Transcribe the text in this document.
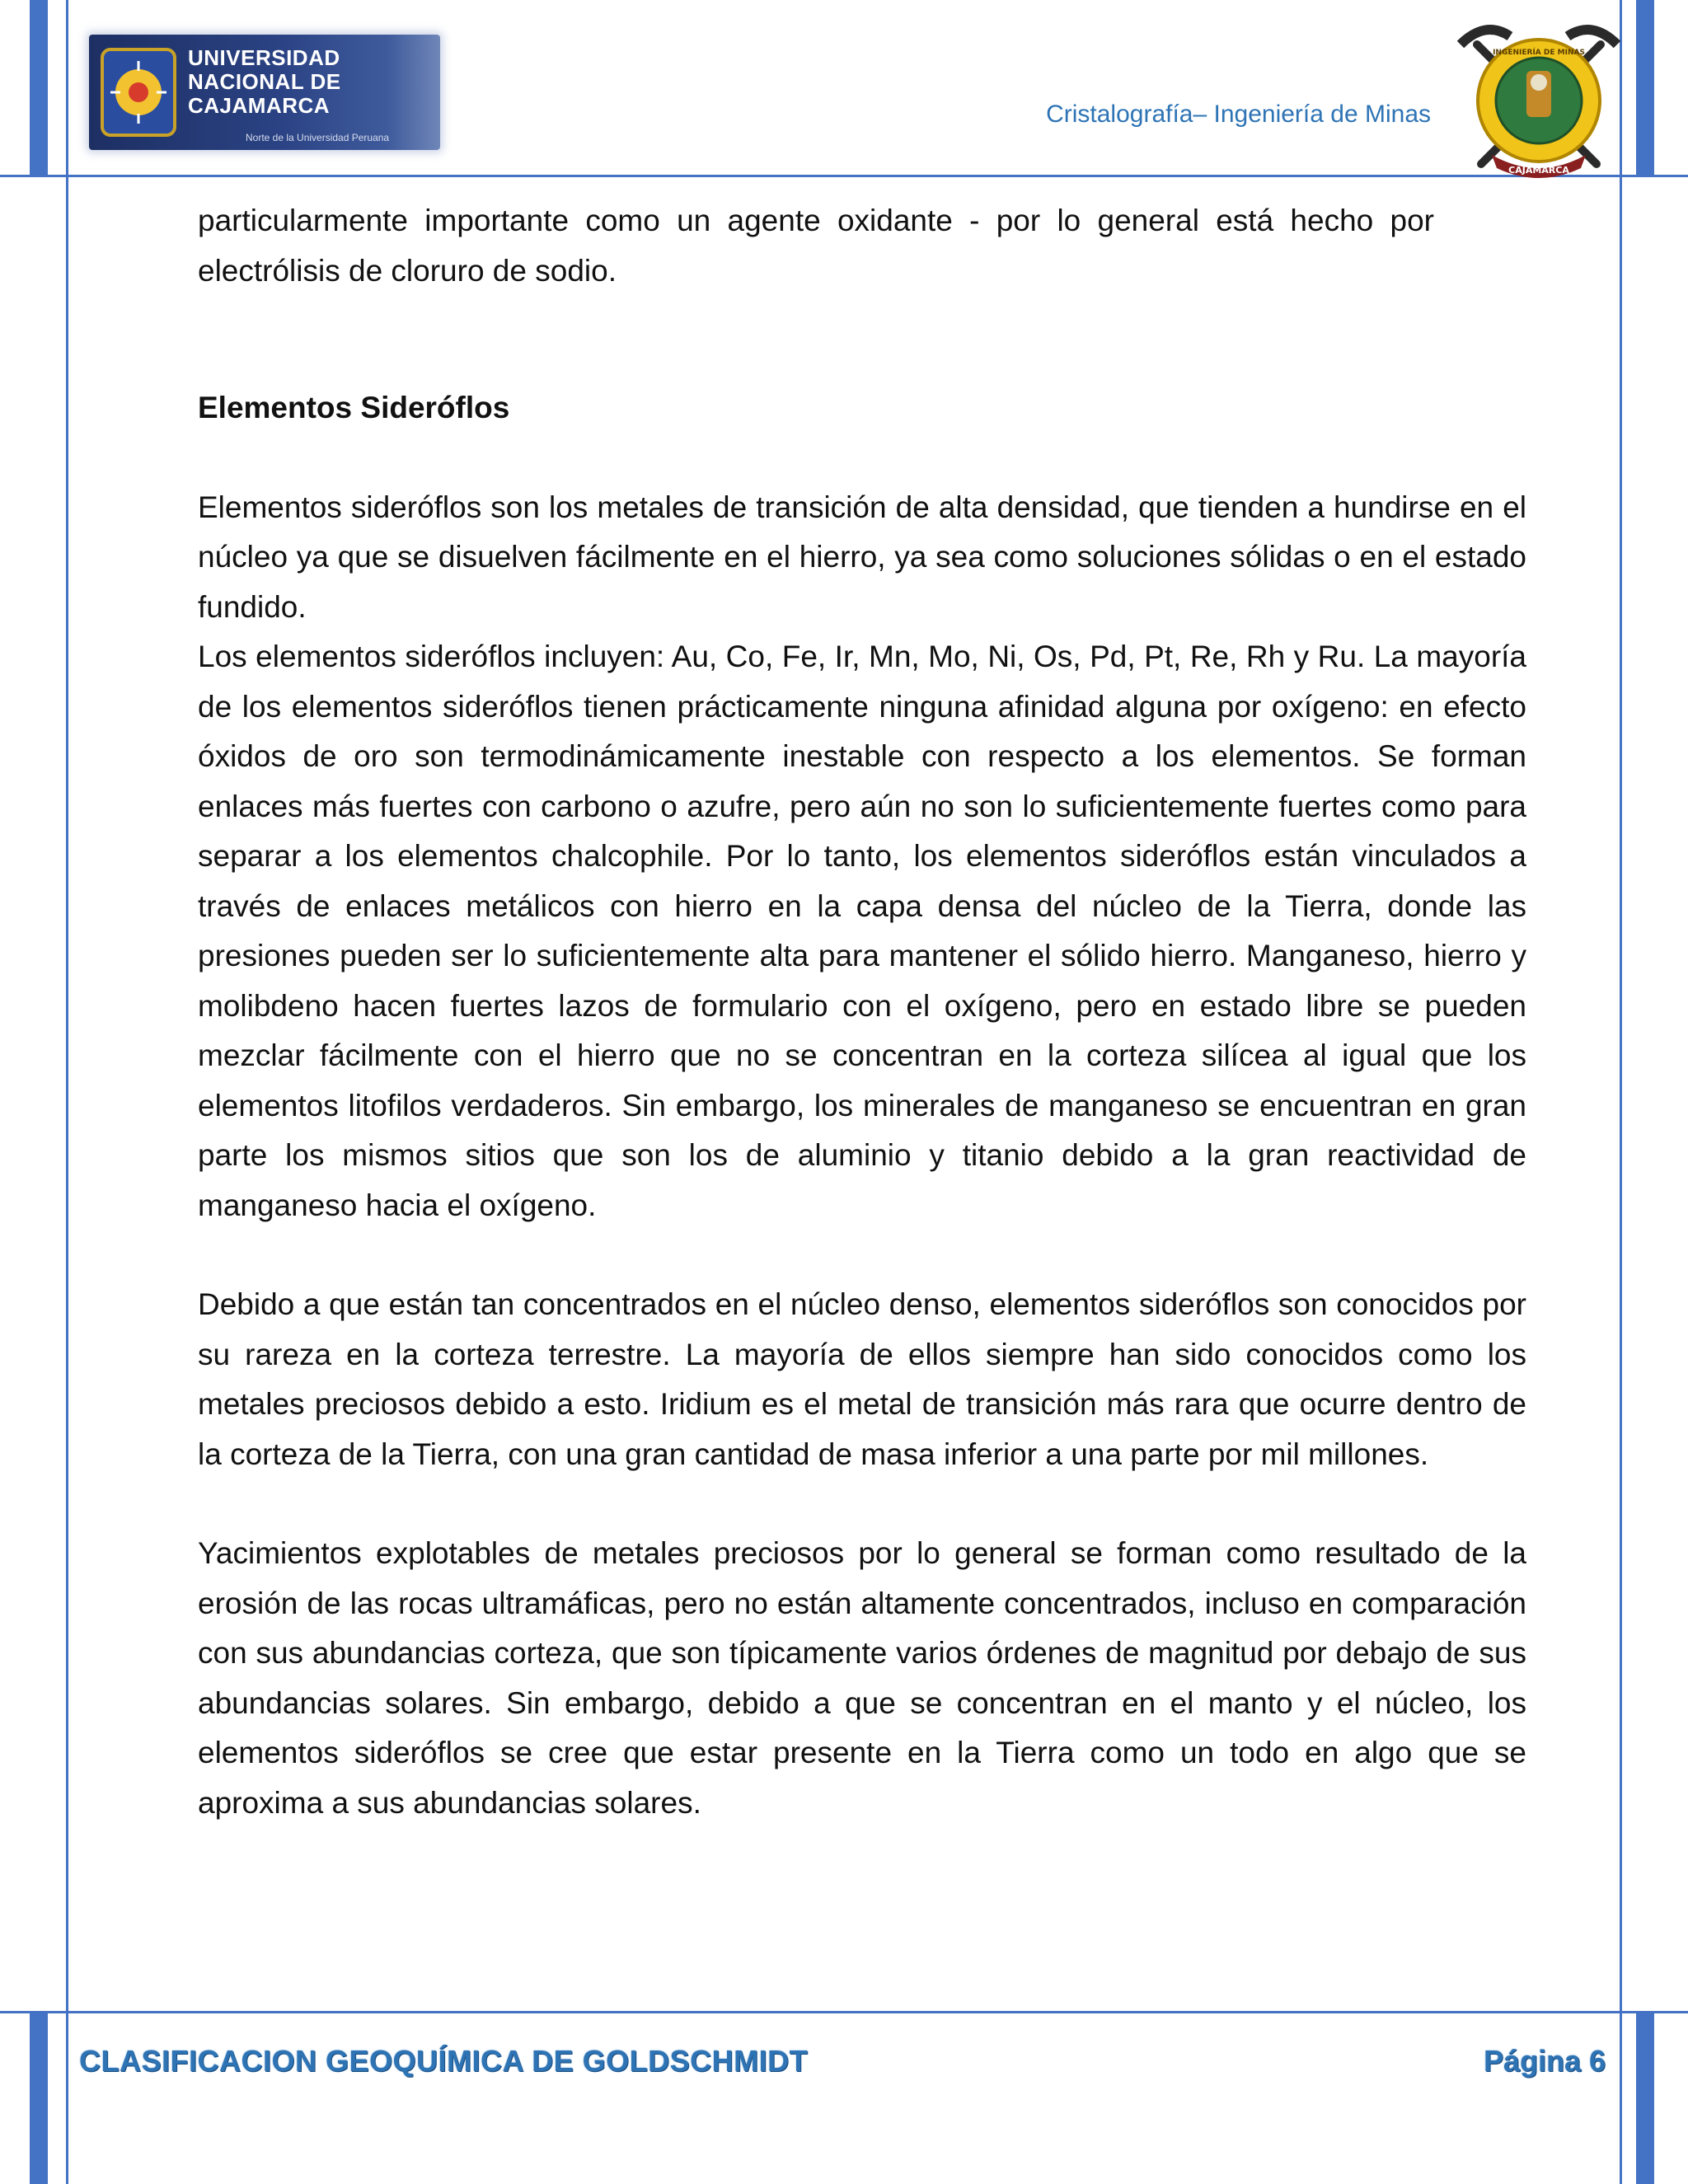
UNIVERSIDAD
NACIONAL DE
CAJAMARCA
Norte de la Universidad Peruana
Cristalografía– Ingeniería de Minas
CAJAMARCA
INGENIERÍA DE MINAS

particularmente importante como un agente oxidante - por lo general está hecho por electrólisis de cloruro de sodio.

Elementos Sideróflos

Elementos sideróflos son los metales de transición de alta densidad, que tienden a hundirse en el núcleo ya que se disuelven fácilmente en el hierro, ya sea como soluciones sólidas o en el estado fundido.

Los elementos sideróflos incluyen: Au, Co, Fe, Ir, Mn, Mo, Ni, Os, Pd, Pt, Re, Rh y Ru. La mayoría de los elementos sideróflos tienen prácticamente ninguna afinidad alguna por oxígeno: en efecto óxidos de oro son termodinámicamente inestable con respecto a los elementos. Se forman enlaces más fuertes con carbono o azufre, pero aún no son lo suficientemente fuertes como para separar a los elementos chalcophile. Por lo tanto, los elementos sideróflos están vinculados a través de enlaces metálicos con hierro en la capa densa del núcleo de la Tierra, donde las presiones pueden ser lo suficientemente alta para mantener el sólido hierro. Manganeso, hierro y molibdeno hacen fuertes lazos de formulario con el oxígeno, pero en estado libre se pueden mezclar fácilmente con el hierro que no se concentran en la corteza silícea al igual que los elementos litofilos verdaderos. Sin embargo, los minerales de manganeso se encuentran en gran parte los mismos sitios que son los de aluminio y titanio debido a la gran reactividad de manganeso hacia el oxígeno.

Debido a que están tan concentrados en el núcleo denso, elementos sideróflos son conocidos por su rareza en la corteza terrestre. La mayoría de ellos siempre han sido conocidos como los metales preciosos debido a esto. Iridium es el metal de transición más rara que ocurre dentro de la corteza de la Tierra, con una gran cantidad de masa inferior a una parte por mil millones.

Yacimientos explotables de metales preciosos por lo general se forman como resultado de la erosión de las rocas ultramáficas, pero no están altamente concentrados, incluso en comparación con sus abundancias corteza, que son típicamente varios órdenes de magnitud por debajo de sus abundancias solares. Sin embargo, debido a que se concentran en el manto y el núcleo, los elementos sideróflos se cree que estar presente en la Tierra como un todo en algo que se aproxima a sus abundancias solares.

CLASIFICACION GEOQUÍMICA DE GOLDSCHMIDT	Página 6
